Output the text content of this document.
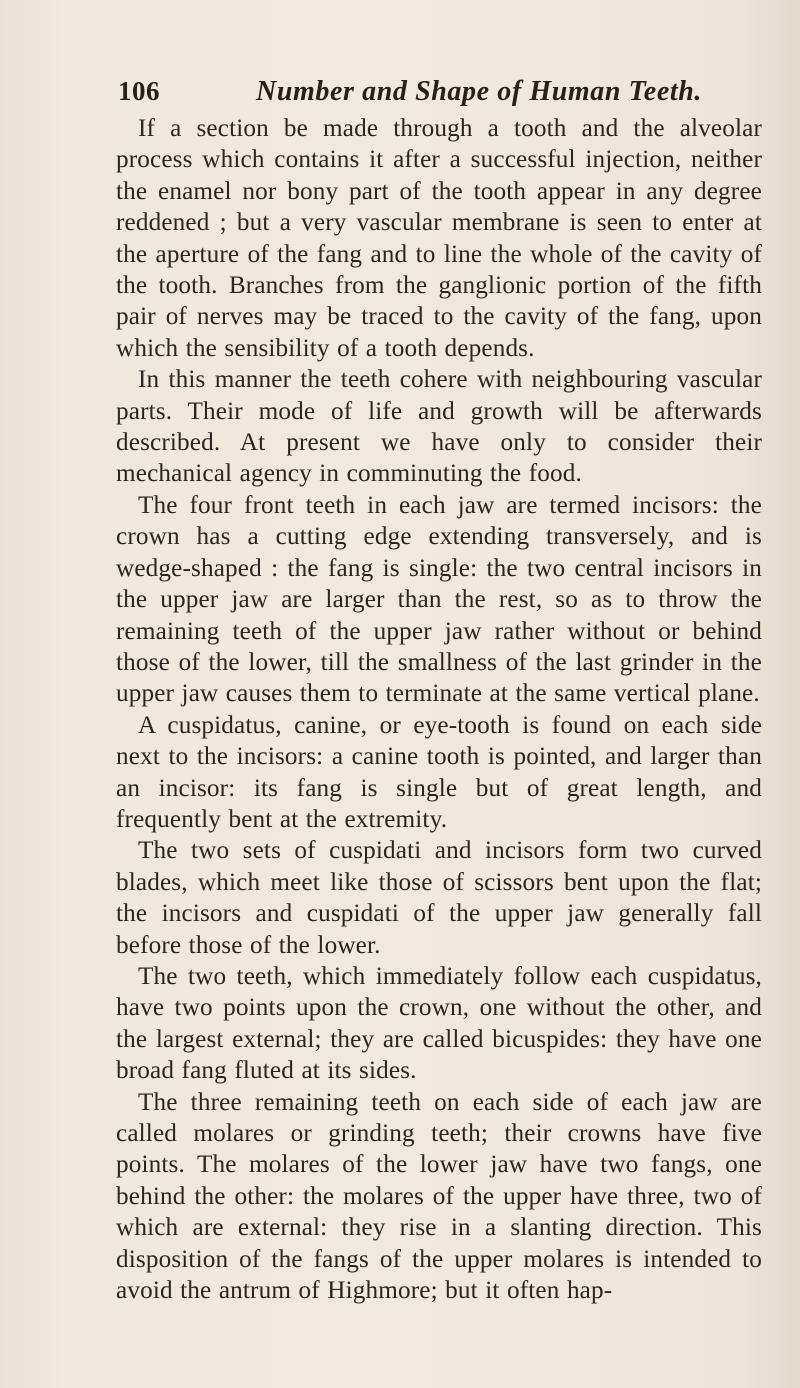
106	Number and Shape of Human Teeth.

If a section be made through a tooth and the alveolar process which contains it after a successful injection, neither the enamel nor bony part of the tooth appear in any degree reddened ; but a very vascular membrane is seen to enter at the aperture of the fang and to line the whole of the cavity of the tooth. Branches from the ganglionic portion of the fifth pair of nerves may be traced to the cavity of the fang, upon which the sensibility of a tooth depends.

In this manner the teeth cohere with neighbouring vascular parts. Their mode of life and growth will be afterwards described. At present we have only to consider their mechanical agency in comminuting the food.

The four front teeth in each jaw are termed incisors: the crown has a cutting edge extending transversely, and is wedge-shaped : the fang is single: the two central incisors in the upper jaw are larger than the rest, so as to throw the remaining teeth of the upper jaw rather without or behind those of the lower, till the smallness of the last grinder in the upper jaw causes them to terminate at the same vertical plane.

A cuspidatus, canine, or eye-tooth is found on each side next to the incisors: a canine tooth is pointed, and larger than an incisor: its fang is single but of great length, and frequently bent at the extremity.

The two sets of cuspidati and incisors form two curved blades, which meet like those of scissors bent upon the flat; the incisors and cuspidati of the upper jaw generally fall before those of the lower.

The two teeth, which immediately follow each cuspidatus, have two points upon the crown, one without the other, and the largest external; they are called bicuspides: they have one broad fang fluted at its sides.

The three remaining teeth on each side of each jaw are called molares or grinding teeth; their crowns have five points. The molares of the lower jaw have two fangs, one behind the other: the molares of the upper have three, two of which are external: they rise in a slanting direction. This disposition of the fangs of the upper molares is intended to avoid the antrum of Highmore; but it often hap-
